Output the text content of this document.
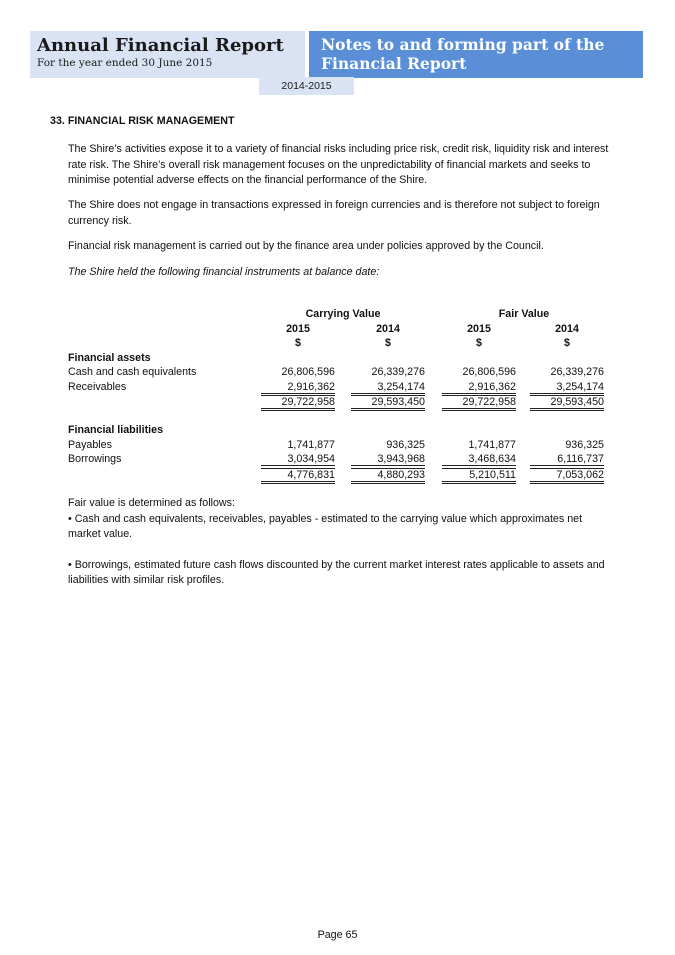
Annual Financial Report
For the year ended 30 June 2015
Notes to and forming part of the Financial Report
2014-2015
33. FINANCIAL RISK MANAGEMENT
The Shire’s activities expose it to a variety of financial risks including price risk, credit risk, liquidity risk and interest rate risk. The Shire’s overall risk management focuses on the unpredictability of financial markets and seeks to minimise potential adverse effects on the financial performance of the Shire.
The Shire does not engage in transactions expressed in foreign currencies and is therefore not subject to foreign currency risk.
Financial risk management is carried out by the finance area under policies approved by the Council.
The Shire held the following financial instruments at balance date:
Carrying Value	Fair Value
2015	2014	2015	2014
$	$	$	$
Financial assets
Cash and cash equivalents	26,806,596	26,339,276	26,806,596	26,339,276
Receivables	2,916,362	3,254,174	2,916,362	3,254,174
29,722,958	29,593,450	29,722,958	29,593,450
Financial liabilities
Payables	1,741,877	936,325	1,741,877	936,325
Borrowings	3,034,954	3,943,968	3,468,634	6,116,737
4,776,831	4,880,293	5,210,511	7,053,062
Fair value is determined as follows:
• Cash and cash equivalents, receivables, payables - estimated to the carrying value which approximates net market value.
• Borrowings, estimated future cash flows discounted by the current market interest rates applicable to assets and liabilities with similar risk profiles.
Page 65
